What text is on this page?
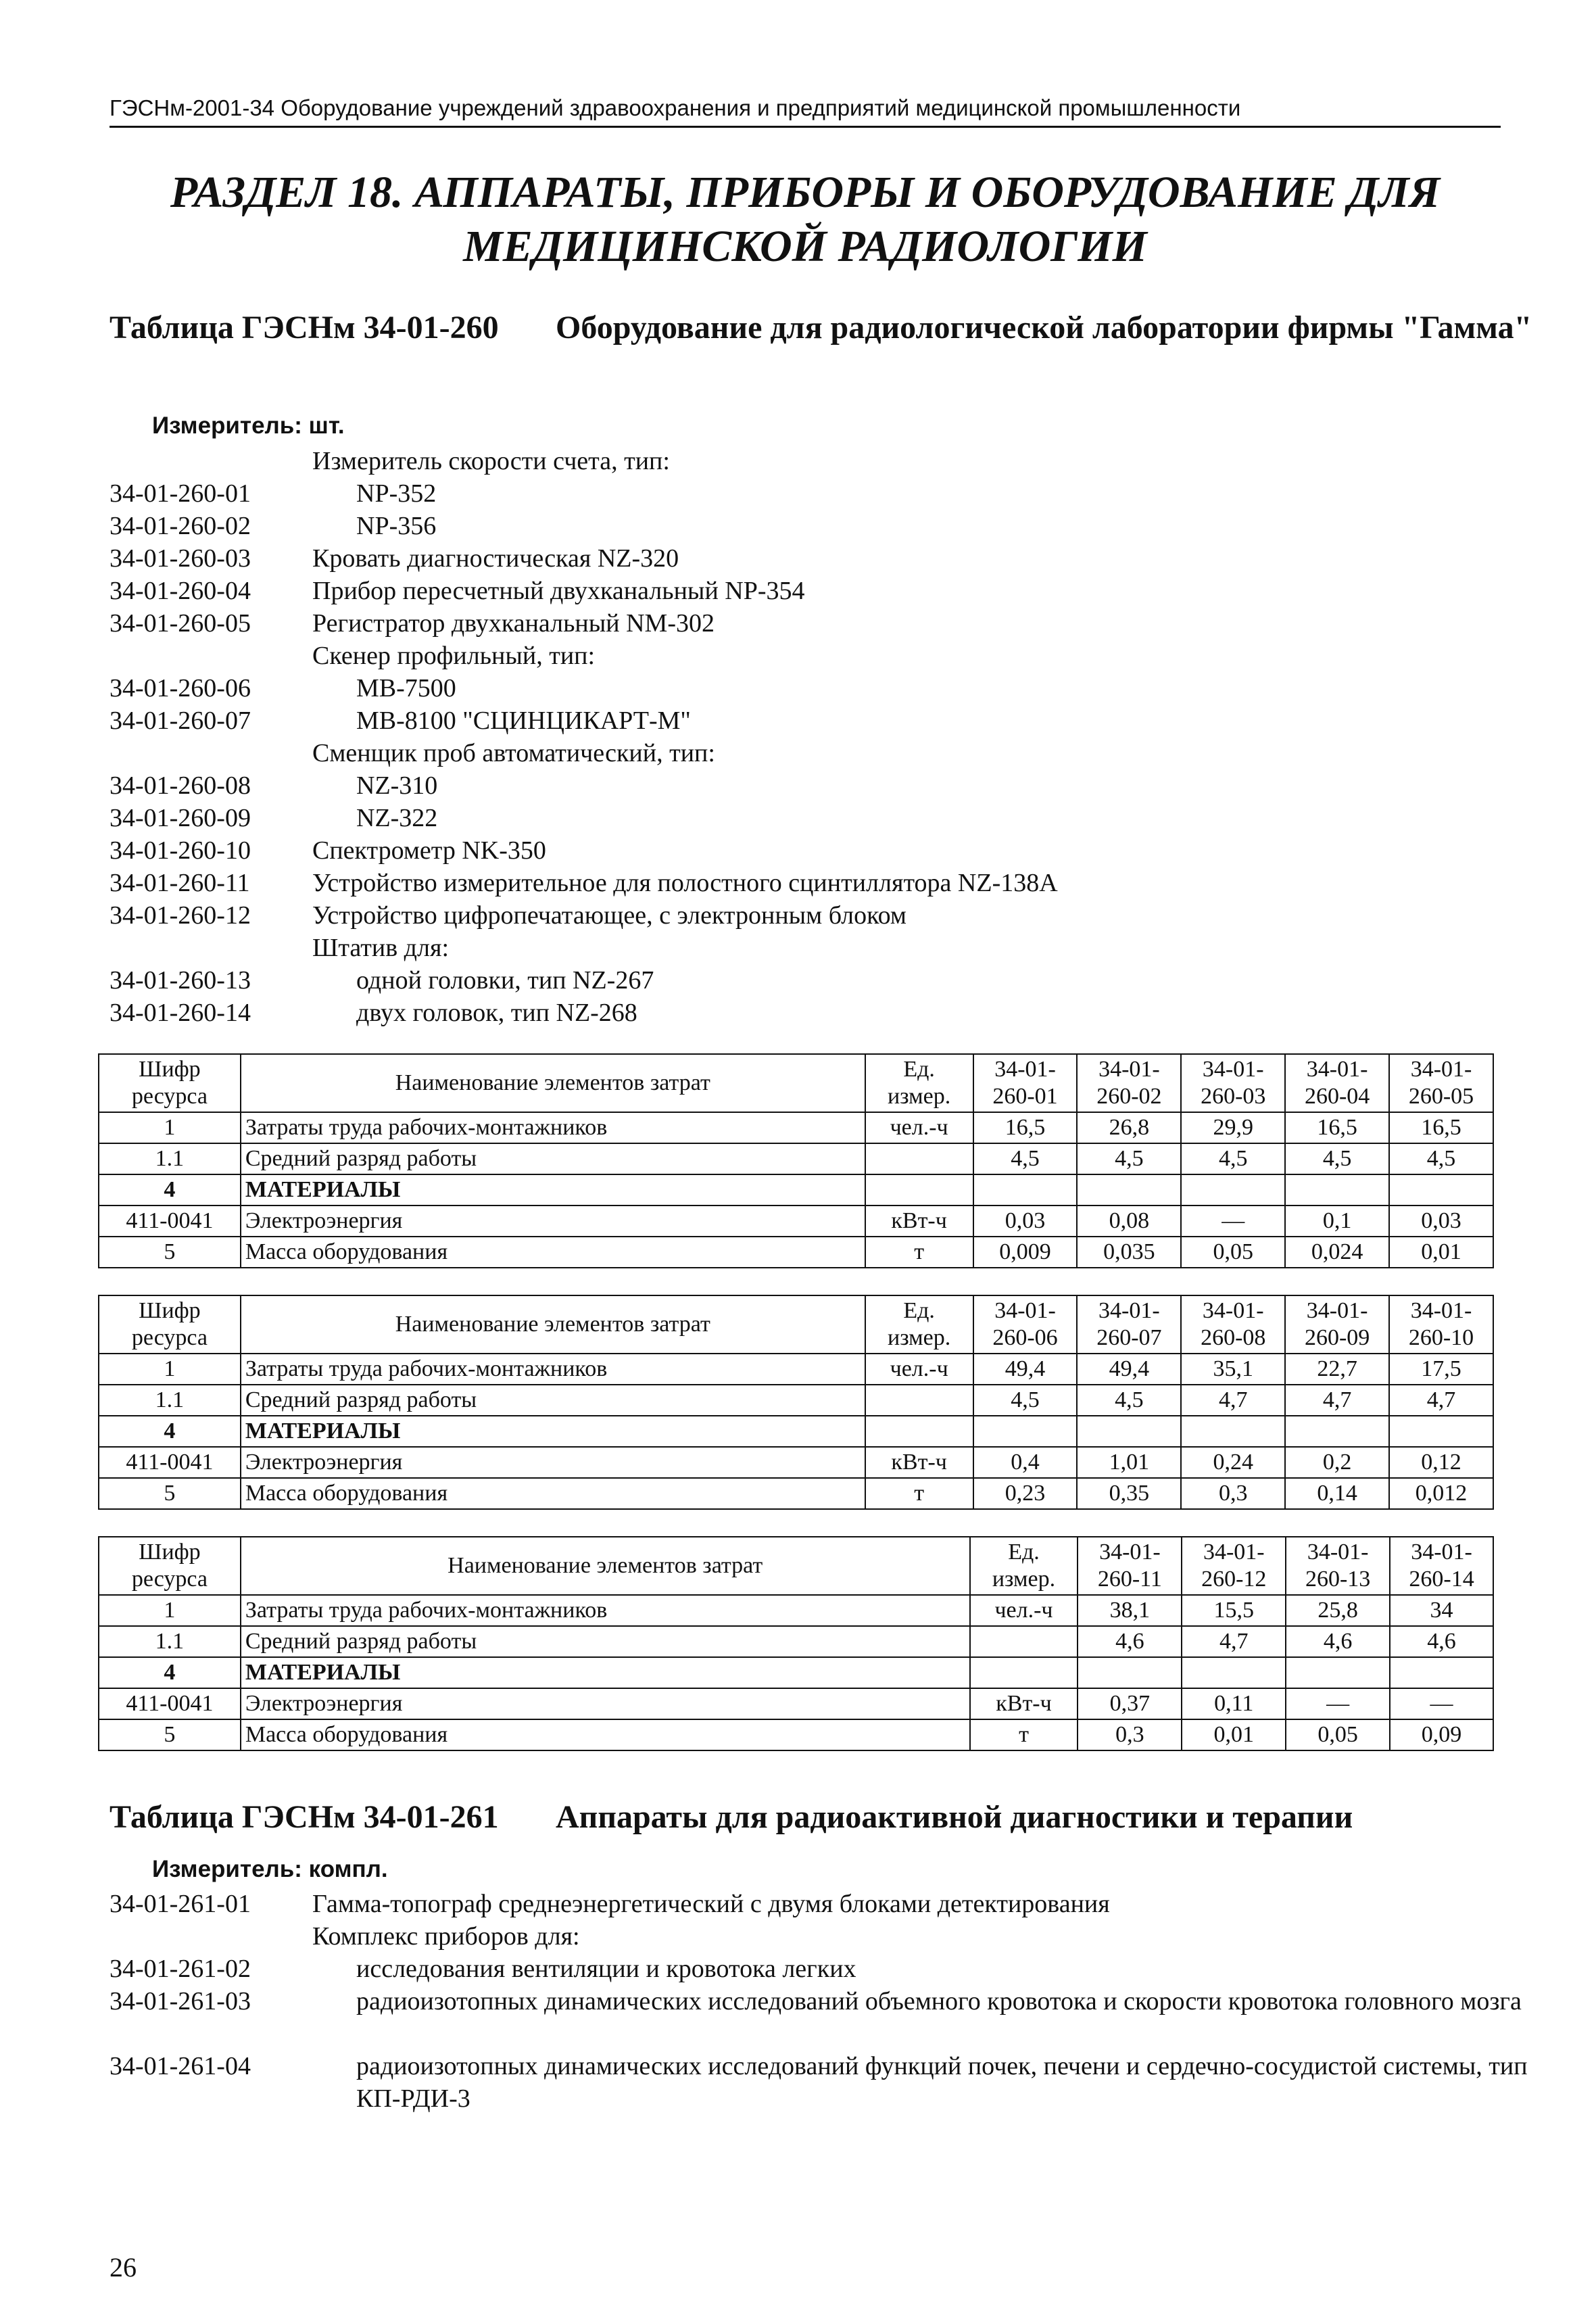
ГЭСНм-2001-34 Оборудование учреждений здравоохранения и предприятий медицинской промышленности
РАЗДЕЛ 18. АППАРАТЫ, ПРИБОРЫ И ОБОРУДОВАНИЕ ДЛЯ МЕДИЦИНСКОЙ РАДИОЛОГИИ
Таблица ГЭСНм 34-01-260 Оборудование для радиологической лаборатории фирмы "Гамма"
Измеритель: шт.
Измеритель скорости счета, тип:
34-01-260-01	NP-352
34-01-260-02	NP-356
34-01-260-03 Кровать диагностическая NZ-320
34-01-260-04 Прибор пересчетный двухканальный NP-354
34-01-260-05 Регистратор двухканальный NM-302
Скенер профильный, тип:
34-01-260-06	MB-7500
34-01-260-07	MB-8100 "СЦИНЦИКАРТ-М"
Сменщик проб автоматический, тип:
34-01-260-08	NZ-310
34-01-260-09	NZ-322
34-01-260-10 Спектрометр NK-350
34-01-260-11 Устройство измерительное для полостного сцинтиллятора NZ-138A
34-01-260-12 Устройство цифропечатающее, с электронным блоком
Штатив для:
34-01-260-13	одной головки, тип NZ-267
34-01-260-14	двух головок, тип NZ-268
Шифр ресурса	Наименование элементов затрат	Ед. измер.	34-01- 260-01	34-01- 260-02	34-01- 260-03	34-01- 260-04	34-01- 260-05
1	Затраты труда рабочих-монтажников	чел.-ч	16,5	26,8	29,9	16,5	16,5
1.1	Средний разряд работы		4,5	4,5	4,5	4,5	4,5
4	МАТЕРИАЛЫ						
411-0041	Электроэнергия	кВт-ч	0,03	0,08	—	0,1	0,03
5	Масса оборудования	т	0,009	0,035	0,05	0,024	0,01
Шифр ресурса	Наименование элементов затрат	Ед. измер.	34-01- 260-06	34-01- 260-07	34-01- 260-08	34-01- 260-09	34-01- 260-10
1	Затраты труда рабочих-монтажников	чел.-ч	49,4	49,4	35,1	22,7	17,5
1.1	Средний разряд работы		4,5	4,5	4,7	4,7	4,7
4	МАТЕРИАЛЫ						
411-0041	Электроэнергия	кВт-ч	0,4	1,01	0,24	0,2	0,12
5	Масса оборудования	т	0,23	0,35	0,3	0,14	0,012
Шифр ресурса	Наименование элементов затрат	Ед. измер.	34-01- 260-11	34-01- 260-12	34-01- 260-13	34-01- 260-14
1	Затраты труда рабочих-монтажников	чел.-ч	38,1	15,5	25,8	34
1.1	Средний разряд работы		4,6	4,7	4,6	4,6
4	МАТЕРИАЛЫ					
411-0041	Электроэнергия	кВт-ч	0,37	0,11	—	—
5	Масса оборудования	т	0,3	0,01	0,05	0,09
Таблица ГЭСНм 34-01-261 Аппараты для радиоактивной диагностики и терапии
Измеритель: компл.
34-01-261-01 Гамма-топограф среднеэнергетический с двумя блоками детектирования
Комплекс приборов для:
34-01-261-02	исследования вентиляции и кровотока легких
34-01-261-03	радиоизотопных динамических исследований объемного кровотока и скорости кровотока головного мозга
34-01-261-04	радиоизотопных динамических исследований функций почек, печени и сердечно-сосудистой системы, тип КП-РДИ-3
26
